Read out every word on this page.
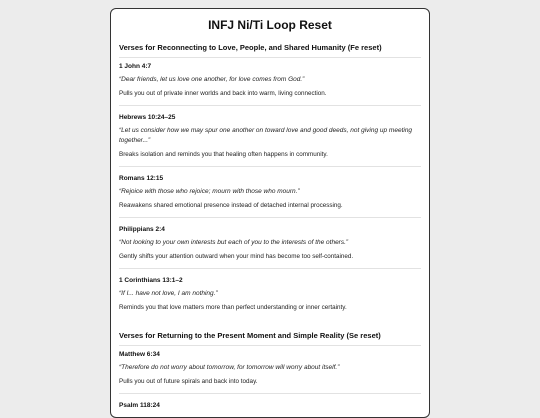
INFJ Ni/Ti Loop Reset
Verses for Reconnecting to Love, People, and Shared Humanity (Fe reset)
1 John 4:7
“Dear friends, let us love one another, for love comes from God.”
Pulls you out of private inner worlds and back into warm, living connection.
Hebrews 10:24–25
“Let us consider how we may spur one another on toward love and good deeds, not giving up meeting together...”
Breaks isolation and reminds you that healing often happens in community.
Romans 12:15
“Rejoice with those who rejoice; mourn with those who mourn.”
Reawakens shared emotional presence instead of detached internal processing.
Philippians 2:4
“Not looking to your own interests but each of you to the interests of the others.”
Gently shifts your attention outward when your mind has become too self-contained.
1 Corinthians 13:1–2
“If I... have not love, I am nothing.”
Reminds you that love matters more than perfect understanding or inner certainty.
Verses for Returning to the Present Moment and Simple Reality (Se reset)
Matthew 6:34
“Therefore do not worry about tomorrow, for tomorrow will worry about itself.”
Pulls you out of future spirals and back into today.
Psalm 118:24
